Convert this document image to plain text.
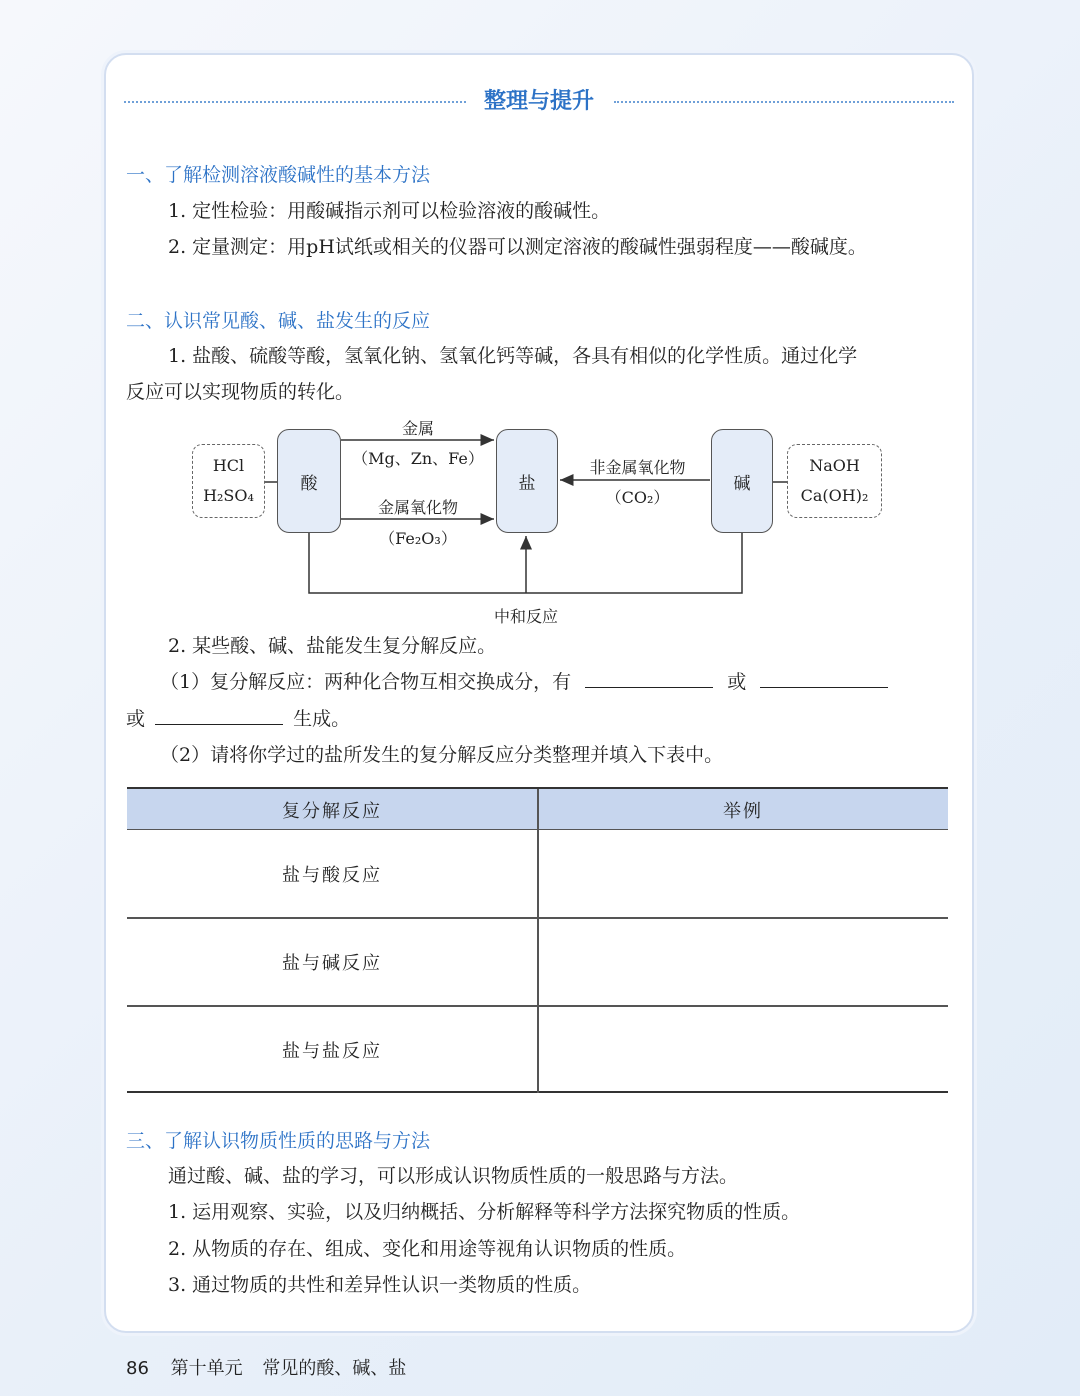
整理与提升
一、了解检测溶液酸碱性的基本方法
1. 定性检验：用酸碱指示剂可以检验溶液的酸碱性。
2. 定量测定：用pH试纸或相关的仪器可以测定溶液的酸碱性强弱程度——酸碱度。
二、认识常见酸、碱、盐发生的反应
1. 盐酸、硫酸等酸，氢氧化钠、氢氧化钙等碱，各具有相似的化学性质。通过化学
反应可以实现物质的转化。
HCl
H₂SO₄
酸
金属
（Mg、Zn、Fe）
金属氧化物
（Fe₂O₃）
盐
非金属氧化物
（CO₂）
碱
NaOH
Ca(OH)₂
中和反应
2. 某些酸、碱、盐能发生复分解反应。
（1）复分解反应：两种化合物互相交换成分，有	或
或	生成。
（2）请将你学过的盐所发生的复分解反应分类整理并填入下表中。
复分解反应	举例
盐与酸反应
盐与碱反应
盐与盐反应
三、了解认识物质性质的思路与方法
通过酸、碱、盐的学习，可以形成认识物质性质的一般思路与方法。
1. 运用观察、实验，以及归纳概括、分析解释等科学方法探究物质的性质。
2. 从物质的存在、组成、变化和用途等视角认识物质的性质。
3. 通过物质的共性和差异性认识一类物质的性质。
86 第十单元 常见的酸、碱、盐
